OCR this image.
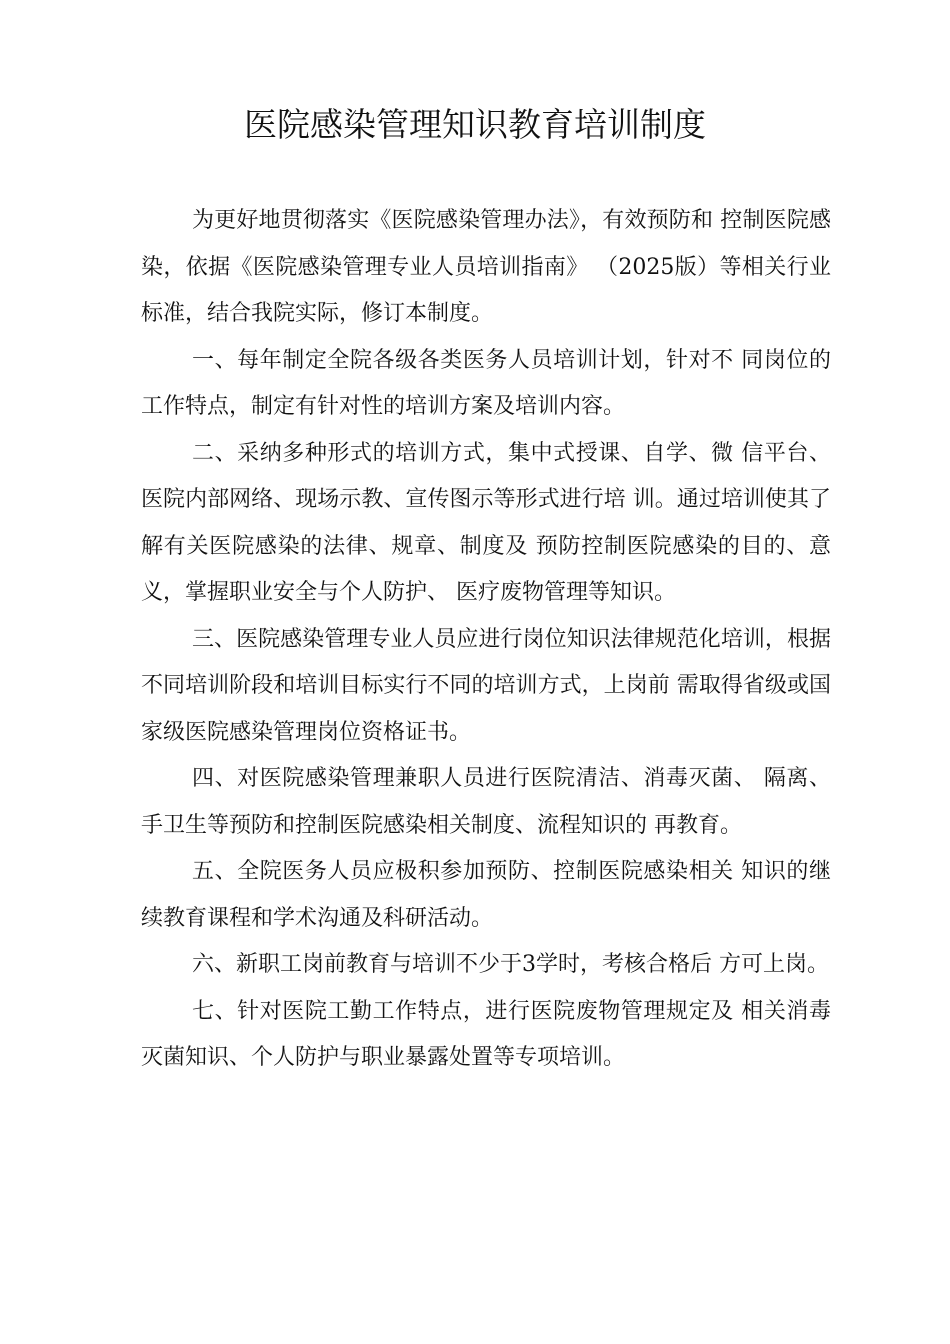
医院感染管理知识教育培训制度

为更好地贯彻落实《医院感染管理办法》，有效预防和 控制医院感染，依据《医院感染管理专业人员培训指南》 （2025版）等相关行业标准，结合我院实际，修订本制度。

一、每年制定全院各级各类医务人员培训计划，针对不 同岗位的工作特点，制定有针对性的培训方案及培训内容。

二、采纳多种形式的培训方式，集中式授课、自学、微 信平台、医院内部网络、现场示教、宣传图示等形式进行培 训。通过培训使其了解有关医院感染的法律、规章、制度及 预防控制医院感染的目的、意义，掌握职业安全与个人防护、 医疗废物管理等知识。

三、医院感染管理专业人员应进行岗位知识法律规范化培训，根据不同培训阶段和培训目标实行不同的培训方式，上岗前 需取得省级或国家级医院感染管理岗位资格证书。

四、对医院感染管理兼职人员进行医院清洁、消毒灭菌、 隔离、手卫生等预防和控制医院感染相关制度、流程知识的 再教育。

五、全院医务人员应极积参加预防、控制医院感染相关 知识的继续教育课程和学术沟通及科研活动。

六、新职工岗前教育与培训不少于3学时，考核合格后 方可上岗。

七、针对医院工勤工作特点，进行医院废物管理规定及 相关消毒灭菌知识、个人防护与职业暴露处置等专项培训。
